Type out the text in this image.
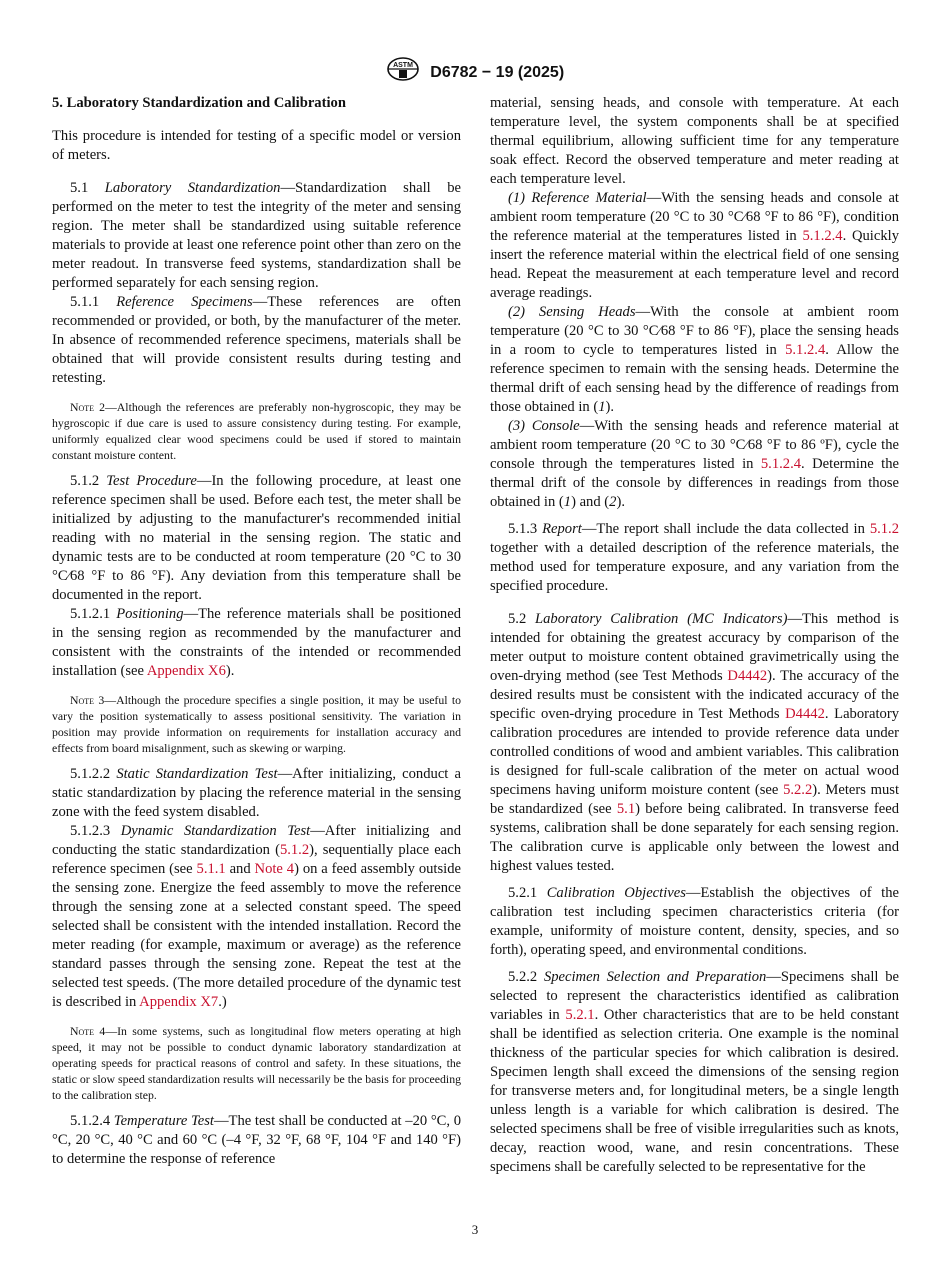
ASTM D6782 − 19 (2025)

5. Laboratory Standardization and Calibration

This procedure is intended for testing of a specific model or version of meters.

5.1 Laboratory Standardization—Standardization shall be performed on the meter to test the integrity of the meter and sensing region. The meter shall be standardized using suitable reference materials to provide at least one reference point other than zero on the meter readout. In transverse feed systems, standardization shall be performed separately for each sensing region.

5.1.1 Reference Specimens—These references are often recommended or provided, or both, by the manufacturer of the meter. In absence of recommended reference specimens, materials shall be obtained that will provide consistent results during testing and retesting.

Note 2—Although the references are preferably non-hygroscopic, they may be hygroscopic if due care is used to assure consistency during testing. For example, uniformly equalized clear wood specimens could be used if stored to maintain constant moisture content.

5.1.2 Test Procedure—In the following procedure, at least one reference specimen shall be used. Before each test, the meter shall be initialized by adjusting to the manufacturer's recommended initial reading with no material in the sensing region. The static and dynamic tests are to be conducted at room temperature (20 °C to 30 °C⁄68 °F to 86 °F). Any deviation from this temperature shall be documented in the report.

5.1.2.1 Positioning—The reference materials shall be positioned in the sensing region as recommended by the manufacturer and consistent with the constraints of the intended or recommended installation (see Appendix X6).

Note 3—Although the procedure specifies a single position, it may be useful to vary the position systematically to assess positional sensitivity. The variation in position may provide information on requirements for installation accuracy and effects from board misalignment, such as skewing or warping.

5.1.2.2 Static Standardization Test—After initializing, conduct a static standardization by placing the reference material in the sensing zone with the feed system disabled.

5.1.2.3 Dynamic Standardization Test—After initializing and conducting the static standardization (5.1.2), sequentially place each reference specimen (see 5.1.1 and Note 4) on a feed assembly outside the sensing zone. Energize the feed assembly to move the reference through the sensing zone at a selected constant speed. The speed selected shall be consistent with the intended installation. Record the meter reading (for example, maximum or average) as the reference standard passes through the sensing zone. Repeat the test at the selected test speeds. (The more detailed procedure of the dynamic test is described in Appendix X7.)

Note 4—In some systems, such as longitudinal flow meters operating at high speed, it may not be possible to conduct dynamic laboratory standardization at operating speeds for practical reasons of control and safety. In these situations, the static or slow speed standardization results will necessarily be the basis for proceeding to the calibration step.

5.1.2.4 Temperature Test—The test shall be conducted at –20 °C, 0 °C, 20 °C, 40 °C and 60 °C (–4 °F, 32 °F, 68 °F, 104 °F and 140 °F) to determine the response of reference

material, sensing heads, and console with temperature. At each temperature level, the system components shall be at specified thermal equilibrium, allowing sufficient time for any temperature soak effect. Record the observed temperature and meter reading at each temperature level.

(1) Reference Material—With the sensing heads and console at ambient room temperature (20 °C to 30 °C⁄68 °F to 86 °F), condition the reference material at the temperatures listed in 5.1.2.4. Quickly insert the reference material within the electrical field of one sensing head. Repeat the measurement at each temperature level and record average readings.

(2) Sensing Heads—With the console at ambient room temperature (20 °C to 30 °C⁄68 °F to 86 °F), place the sensing heads in a room to cycle to temperatures listed in 5.1.2.4. Allow the reference specimen to remain with the sensing heads. Determine the thermal drift of each sensing head by the difference of readings from those obtained in (1).

(3) Console—With the sensing heads and reference material at ambient room temperature (20 °C to 30 °C⁄68 °F to 86 ºF), cycle the console through the temperatures listed in 5.1.2.4. Determine the thermal drift of the console by differences in readings from those obtained in (1) and (2).

5.1.3 Report—The report shall include the data collected in 5.1.2 together with a detailed description of the reference materials, the method used for temperature exposure, and any variation from the specified procedure.

5.2 Laboratory Calibration (MC Indicators)—This method is intended for obtaining the greatest accuracy by comparison of the meter output to moisture content obtained gravimetrically using the oven-drying method (see Test Methods D4442). The accuracy of the desired results must be consistent with the indicated accuracy of the specific oven-drying procedure in Test Methods D4442. Laboratory calibration procedures are intended to provide reference data under controlled conditions of wood and ambient variables. This calibration is designed for full-scale calibration of the meter on actual wood specimens having uniform moisture content (see 5.2.2). Meters must be standardized (see 5.1) before being calibrated. In transverse feed systems, calibration shall be done separately for each sensing region. The calibration curve is applicable only between the lowest and highest values tested.

5.2.1 Calibration Objectives—Establish the objectives of the calibration test including specimen characteristics criteria (for example, uniformity of moisture content, density, species, and so forth), operating speed, and environmental conditions.

5.2.2 Specimen Selection and Preparation—Specimens shall be selected to represent the characteristics identified as calibration variables in 5.2.1. Other characteristics that are to be held constant shall be identified as selection criteria. One example is the nominal thickness of the particular species for which calibration is desired. Specimen length shall exceed the dimensions of the sensing region for transverse meters and, for longitudinal meters, be a single length unless length is a variable for which calibration is desired. The selected specimens shall be free of visible irregularities such as knots, decay, reaction wood, wane, and resin concentrations. These specimens shall be carefully selected to be representative for the

3
